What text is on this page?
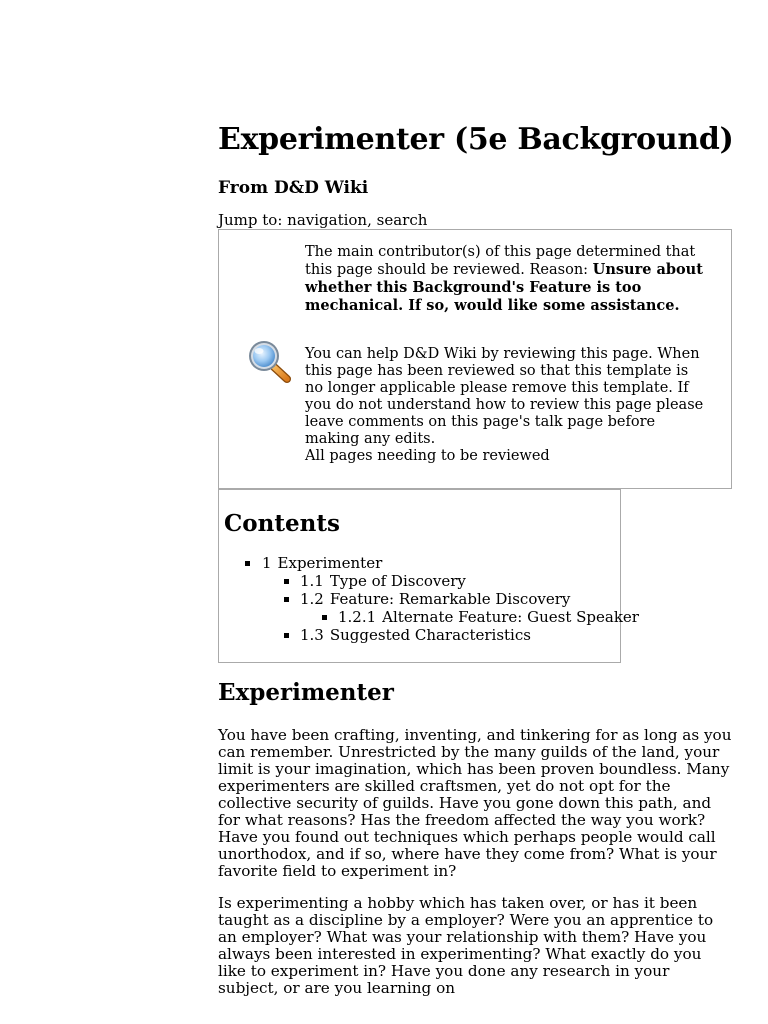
Experimenter (5e Background)
From D&D Wiki
Jump to: navigation, search

The main contributor(s) of this page determined that this page should be reviewed. Reason: Unsure about whether this Background's Feature is too mechanical. If so, would like some assistance.

You can help D&D Wiki by reviewing this page. When this page has been reviewed so that this template is no longer applicable please remove this template. If you do not understand how to review this page please leave comments on this page's talk page before making any edits.

All pages needing to be reviewed

Contents
1 Experimenter
1.1 Type of Discovery
1.2 Feature: Remarkable Discovery
1.2.1 Alternate Feature: Guest Speaker
1.3 Suggested Characteristics
Experimenter

You have been crafting, inventing, and tinkering for as long as you can remember. Unrestricted by the many guilds of the land, your limit is your imagination, which has been proven boundless. Many experimenters are skilled craftsmen, yet do not opt for the collective security of guilds. Have you gone down this path, and for what reasons? Has the freedom affected the way you work? Have you found out techniques which perhaps people would call unorthodox, and if so, where have they come from? What is your favorite field to experiment in?

Is experimenting a hobby which has taken over, or has it been taught as a discipline by a employer? Were you an apprentice to an employer? What was your relationship with them? Have you always been interested in experimenting? What exactly do you like to experiment in? Have you done any research in your subject, or are you learning on
